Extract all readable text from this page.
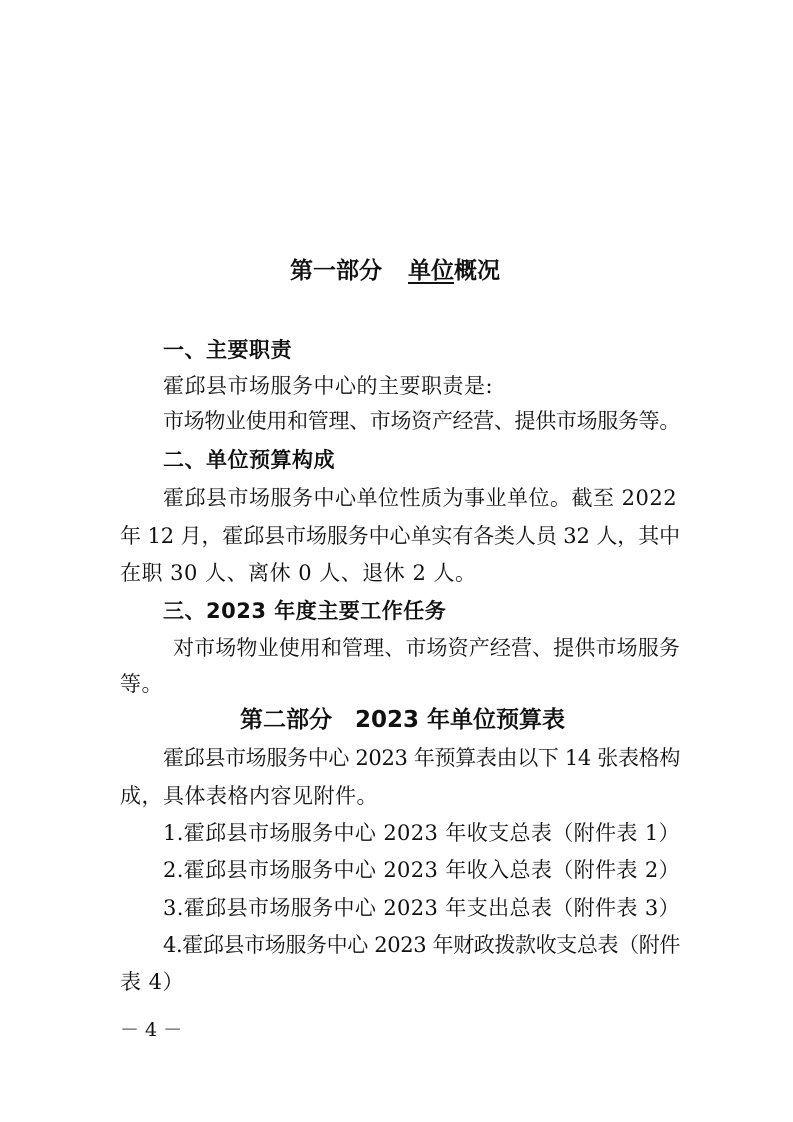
第一部分 单位概况
一、主要职责
霍邱县市场服务中心的主要职责是:
市场物业使用和管理、市场资产经营、提供市场服务等。
二、单位预算构成
霍邱县市场服务中心单位性质为事业单位。截至 2022
年 12 月，霍邱县市场服务中心单实有各类人员 32 人，其中
在职 30 人、离休 0 人、退休 2 人。
三、2023 年度主要工作任务
对市场物业使用和管理、市场资产经营、提供市场服务
等。
第二部分　2023 年单位预算表
霍邱县市场服务中心 2023 年预算表由以下 14 张表格构
成，具体表格内容见附件。
1.霍邱县市场服务中心 2023 年收支总表（附件表 1）
2.霍邱县市场服务中心 2023 年收入总表（附件表 2）
3.霍邱县市场服务中心 2023 年支出总表（附件表 3）
4.霍邱县市场服务中心 2023 年财政拨款收支总表（附件
表 4）
－ 4 －
